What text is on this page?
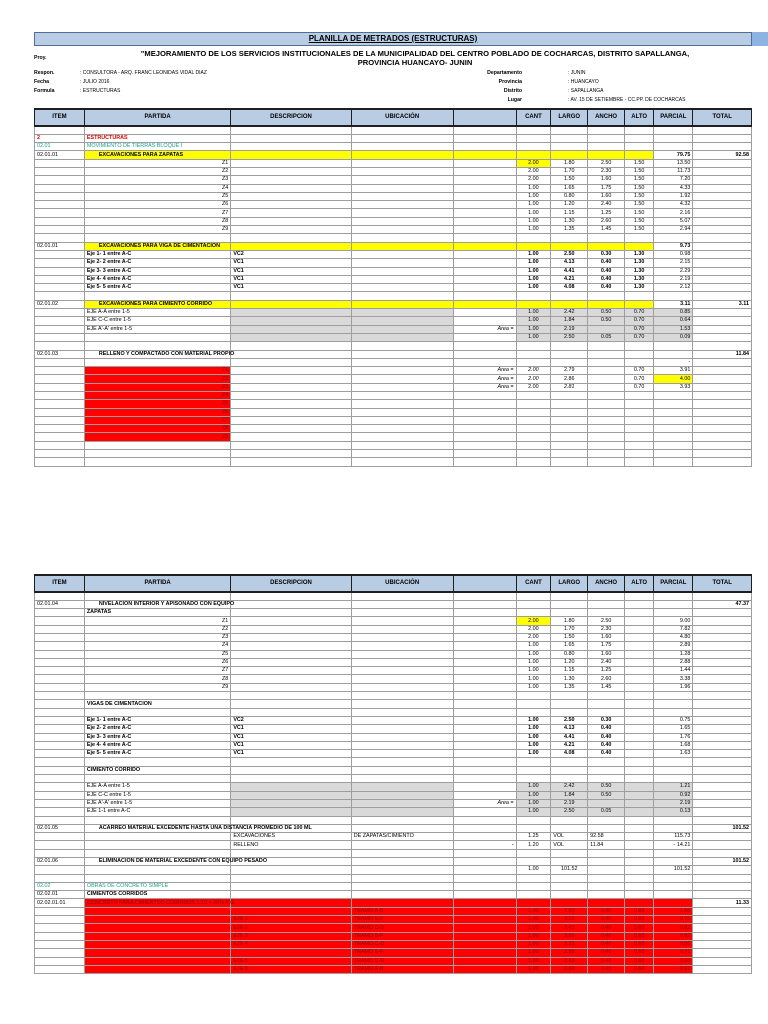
PLANILLA DE METRADOS (ESTRUCTURAS)
Proy.	"MEJORAMIENTO DE LOS SERVICIOS INSTITUCIONALES DE LA MUNICIPALIDAD DEL CENTRO POBLADO DE COCHARCAS, DISTRITO SAPALLANGA,
PROVINCIA HUANCAYO- JUNIN
Respon.	: CONSULTORA - ARQ. FRANC LEONIDAS VIDAL DIAZ
Fecha	: JULIO 2016
Formula	: ESTRUCTURAS
Departamento	: JUNIN
Provincia	: HUANCAYO
Distrito	: SAPALLANGA
Lugar	: AV. 15 DE SETIEMBRE - CC.PP. DE COCHARCAS
ITEM	PARTIDA	DESCRIPCION	UBICACIÓN		CANT	LARGO	ANCHO	ALTO	PARCIAL	TOTAL

2	ESTRUCTURAS									
02.01	MOVIMIENTO DE TIERRAS BLOQUE I									
02.01.01	EXCAVACIONES PARA ZAPATAS								79.75	92.58
	Z1				2.00	1.80	2.50	1.50	13.50	
	Z2				2.00	1.70	2.30	1.50	11.73	
	Z3				2.00	1.50	1.60	1.50	7.20	
	Z4				1.00	1.65	1.75	1.50	4.33	
	Z5				1.00	0.80	1.60	1.50	1.92	
	Z6				1.00	1.20	2.40	1.50	4.32	
	Z7				1.00	1.15	1.25	1.50	2.16	
	Z8				1.00	1.30	2.60	1.50	5.07	
	Z9				1.00	1.35	1.45	1.50	2.94	

02.01.01	EXCAVACIONES PARA VIGA DE CIMENTACION								9.73	
	Eje 1- 1 entre A-C	VC2			1.00	2.50	0.30	1.30	0.98	
	Eje 2- 2 entre A-C	VC1			1.00	4.13	0.40	1.30	2.15	
	Eje 3- 3 entre A-C	VC1			1.00	4.41	0.40	1.30	2.29	
	Eje 4- 4 entre A-C	VC1			1.00	4.21	0.40	1.30	2.19	
	Eje 5- 5 entre A-C	VC1			1.00	4.08	0.40	1.30	2.12	

02.01.02	EXCAVACIONES PARA CIMIENTO CORRIDO								3.11	3.11
	EJE A-A entre 1-5				1.00	2.42	0.50	0.70	0.85	
	EJE C-C entre 1-5				1.00	1.84	0.50	0.70	0.64	
	EJE A'-A' entre 1-5			Area =	1.00	2.19		0.70	1.53	
					1.00	2.50	0.05	0.70	0.09	

02.01.03	RELLENO Y COMPACTADO CON MATERIAL PROPIO									11.84
									-	
	Z1			Area =	2.00	2.79		0.70	3.91	
	Z2			Area =	2.00	2.86		0.70	4.00	
	Z3			Area =	2.00	2.81		0.70	3.93	
	Z4									
	Z5									
	Z6									
	Z7									
	Z8									
	Z9									

ITEM	PARTIDA	DESCRIPCION	UBICACIÓN		CANT	LARGO	ANCHO	ALTO	PARCIAL	TOTAL

02.01.04	NIVELACION INTERIOR Y APISONADO CON EQUIPO									47.37
	ZAPATAS									
	Z1				2.00	1.80	2.50		9.00	
	Z2				2.00	1.70	2.30		7.82	
	Z3				2.00	1.50	1.60		4.80	
	Z4				1.00	1.65	1.75		2.89	
	Z5				1.00	0.80	1.60		1.28	
	Z6				1.00	1.20	2.40		2.88	
	Z7				1.00	1.15	1.25		1.44	
	Z8				1.00	1.30	2.60		3.38	
	Z9				1.00	1.35	1.45		1.96	

	VIGAS DE CIMENTACION									

	Eje 1- 1 entre A-C	VC2			1.00	2.50	0.30		0.75	
	Eje 2- 2 entre A-C	VC1			1.00	4.13	0.40		1.65	
	Eje 3- 3 entre A-C	VC1			1.00	4.41	0.40		1.76	
	Eje 4- 4 entre A-C	VC1			1.00	4.21	0.40		1.68	
	Eje 5- 5 entre A-C	VC1			1.00	4.08	0.40		1.63	

	CIMIENTO CORRIDO									

	EJE A-A entre 1-5				1.00	2.42	0.50		1.21	
	EJE C-C entre 1-5				1.00	1.84	0.50		0.92	
	EJE A'-A' entre 1-5			Area =	1.00	2.19			2.19	
	EJE 1-1 entre A-C				1.00	2.50	0.05		0.13	

02.01.05	ACARREO MATERIAL EXCEDENTE HASTA UNA DISTANCIA PROMEDIO DE 100 ML									101.52
		EXCAVACIONES	DE ZAPATAS/CIMIENTO		1.25	VOL	92.58		115.73	
		RELLENO		-	1.20	VOL	11.84		- 14.21	

02.01.06	ELIMINACION DE MATERIAL EXCEDENTE CON EQUIPO PESADO									101.52
					1.00	101.52			101.52	

02.02	OBRAS DE CONCRETO SIMPLE									
02.02.01	CIMIENTOS CORRIDOS									
02.02.01.01	CONCRETO PARA CIMIENTOS CORRIDOS 1:10 + 30% P.G									11.33
			TRAMO A-B		1.00	7.03	0.40	0.60	1.68	
		EJE 1	TRAMO E-F		1.00	3.13	0.40	0.60	0.75	
		EJE 2	TRAMO C-D		1.00	3.43	0.40	0.60	0.82	
		EJE 3	TRAMO B-F		1.00	3.83	0.40	0.60	0.92	
		EJE 4	TRAMO C-D		1.00	2.33	0.40	0.60	0.56	
			TRAMO E-F		1.00	2.95	0.40	0.60	0.71	
		EJE 5	TRAMO C-D		1.00	2.83	0.40	0.60	0.68	
		EJE 6	TRAMO A-B		1.00	2.60	0.40	0.60	0.62	
